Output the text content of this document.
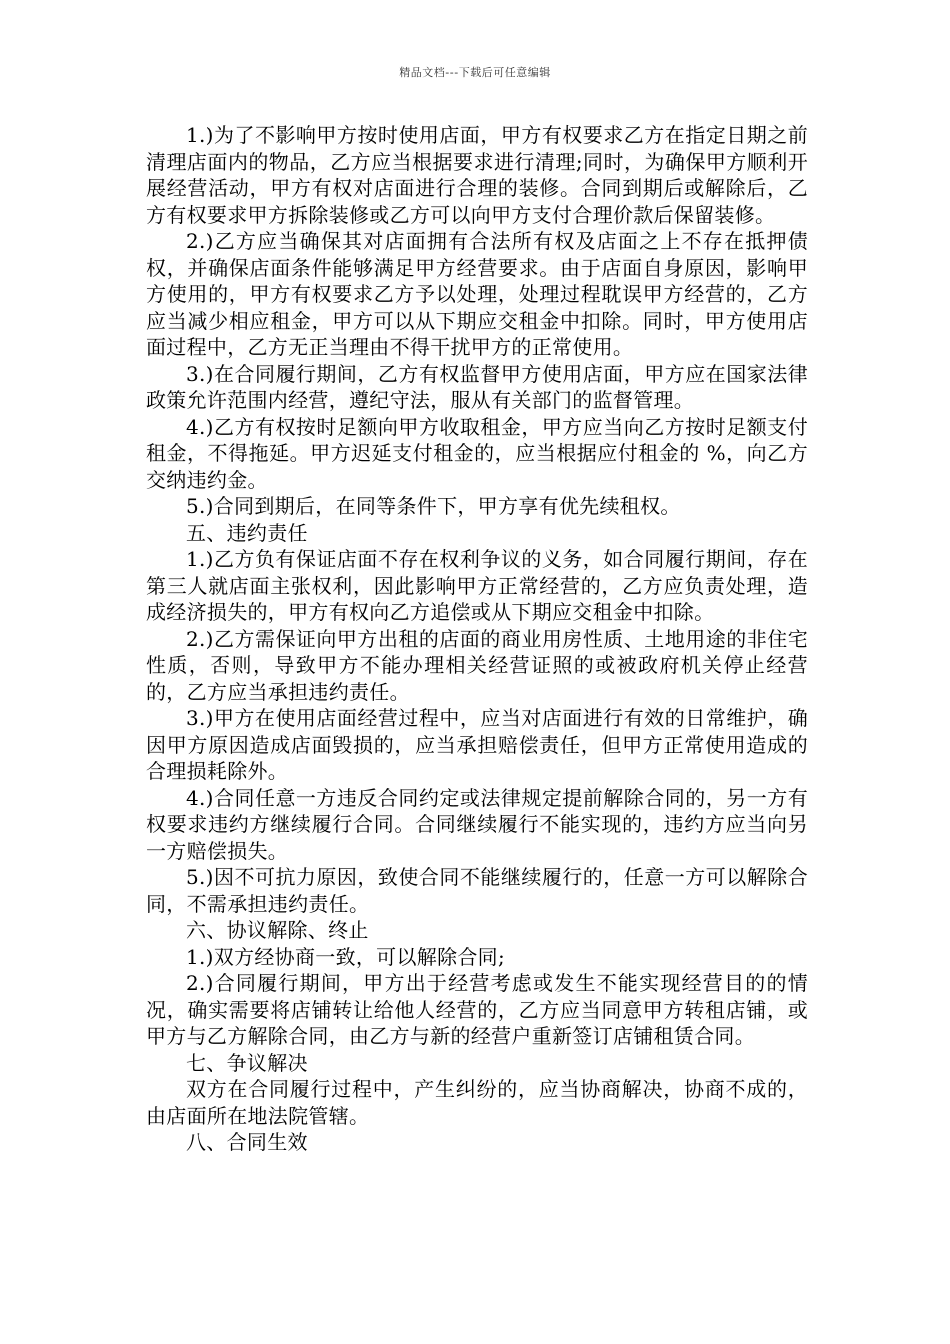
精品文档---下载后可任意编辑

1.)为了不影响甲方按时使用店面，甲方有权要求乙方在指定日期之前清理店面内的物品，乙方应当根据要求进行清理;同时，为确保甲方顺利开展经营活动，甲方有权对店面进行合理的装修。合同到期后或解除后，乙方有权要求甲方拆除装修或乙方可以向甲方支付合理价款后保留装修。

2.)乙方应当确保其对店面拥有合法所有权及店面之上不存在抵押债权，并确保店面条件能够满足甲方经营要求。由于店面自身原因，影响甲方使用的，甲方有权要求乙方予以处理，处理过程耽误甲方经营的，乙方应当减少相应租金，甲方可以从下期应交租金中扣除。同时，甲方使用店面过程中，乙方无正当理由不得干扰甲方的正常使用。

3.)在合同履行期间，乙方有权监督甲方使用店面，甲方应在国家法律政策允许范围内经营，遵纪守法，服从有关部门的监督管理。

4.)乙方有权按时足额向甲方收取租金，甲方应当向乙方按时足额支付租金，不得拖延。甲方迟延支付租金的，应当根据应付租金的 %，向乙方交纳违约金。

5.)合同到期后，在同等条件下，甲方享有优先续租权。

五、违约责任

1.)乙方负有保证店面不存在权利争议的义务，如合同履行期间，存在第三人就店面主张权利，因此影响甲方正常经营的，乙方应负责处理，造成经济损失的，甲方有权向乙方追偿或从下期应交租金中扣除。

2.)乙方需保证向甲方出租的店面的商业用房性质、土地用途的非住宅性质，否则，导致甲方不能办理相关经营证照的或被政府机关停止经营的，乙方应当承担违约责任。

3.)甲方在使用店面经营过程中，应当对店面进行有效的日常维护，确因甲方原因造成店面毁损的，应当承担赔偿责任，但甲方正常使用造成的合理损耗除外。

4.)合同任意一方违反合同约定或法律规定提前解除合同的，另一方有权要求违约方继续履行合同。合同继续履行不能实现的，违约方应当向另一方赔偿损失。

5.)因不可抗力原因，致使合同不能继续履行的，任意一方可以解除合同，不需承担违约责任。

六、协议解除、终止

1.)双方经协商一致，可以解除合同;

2.)合同履行期间，甲方出于经营考虑或发生不能实现经营目的的情况，确实需要将店铺转让给他人经营的，乙方应当同意甲方转租店铺，或甲方与乙方解除合同，由乙方与新的经营户重新签订店铺租赁合同。

七、争议解决

双方在合同履行过程中，产生纠纷的，应当协商解决，协商不成的，由店面所在地法院管辖。

八、合同生效
